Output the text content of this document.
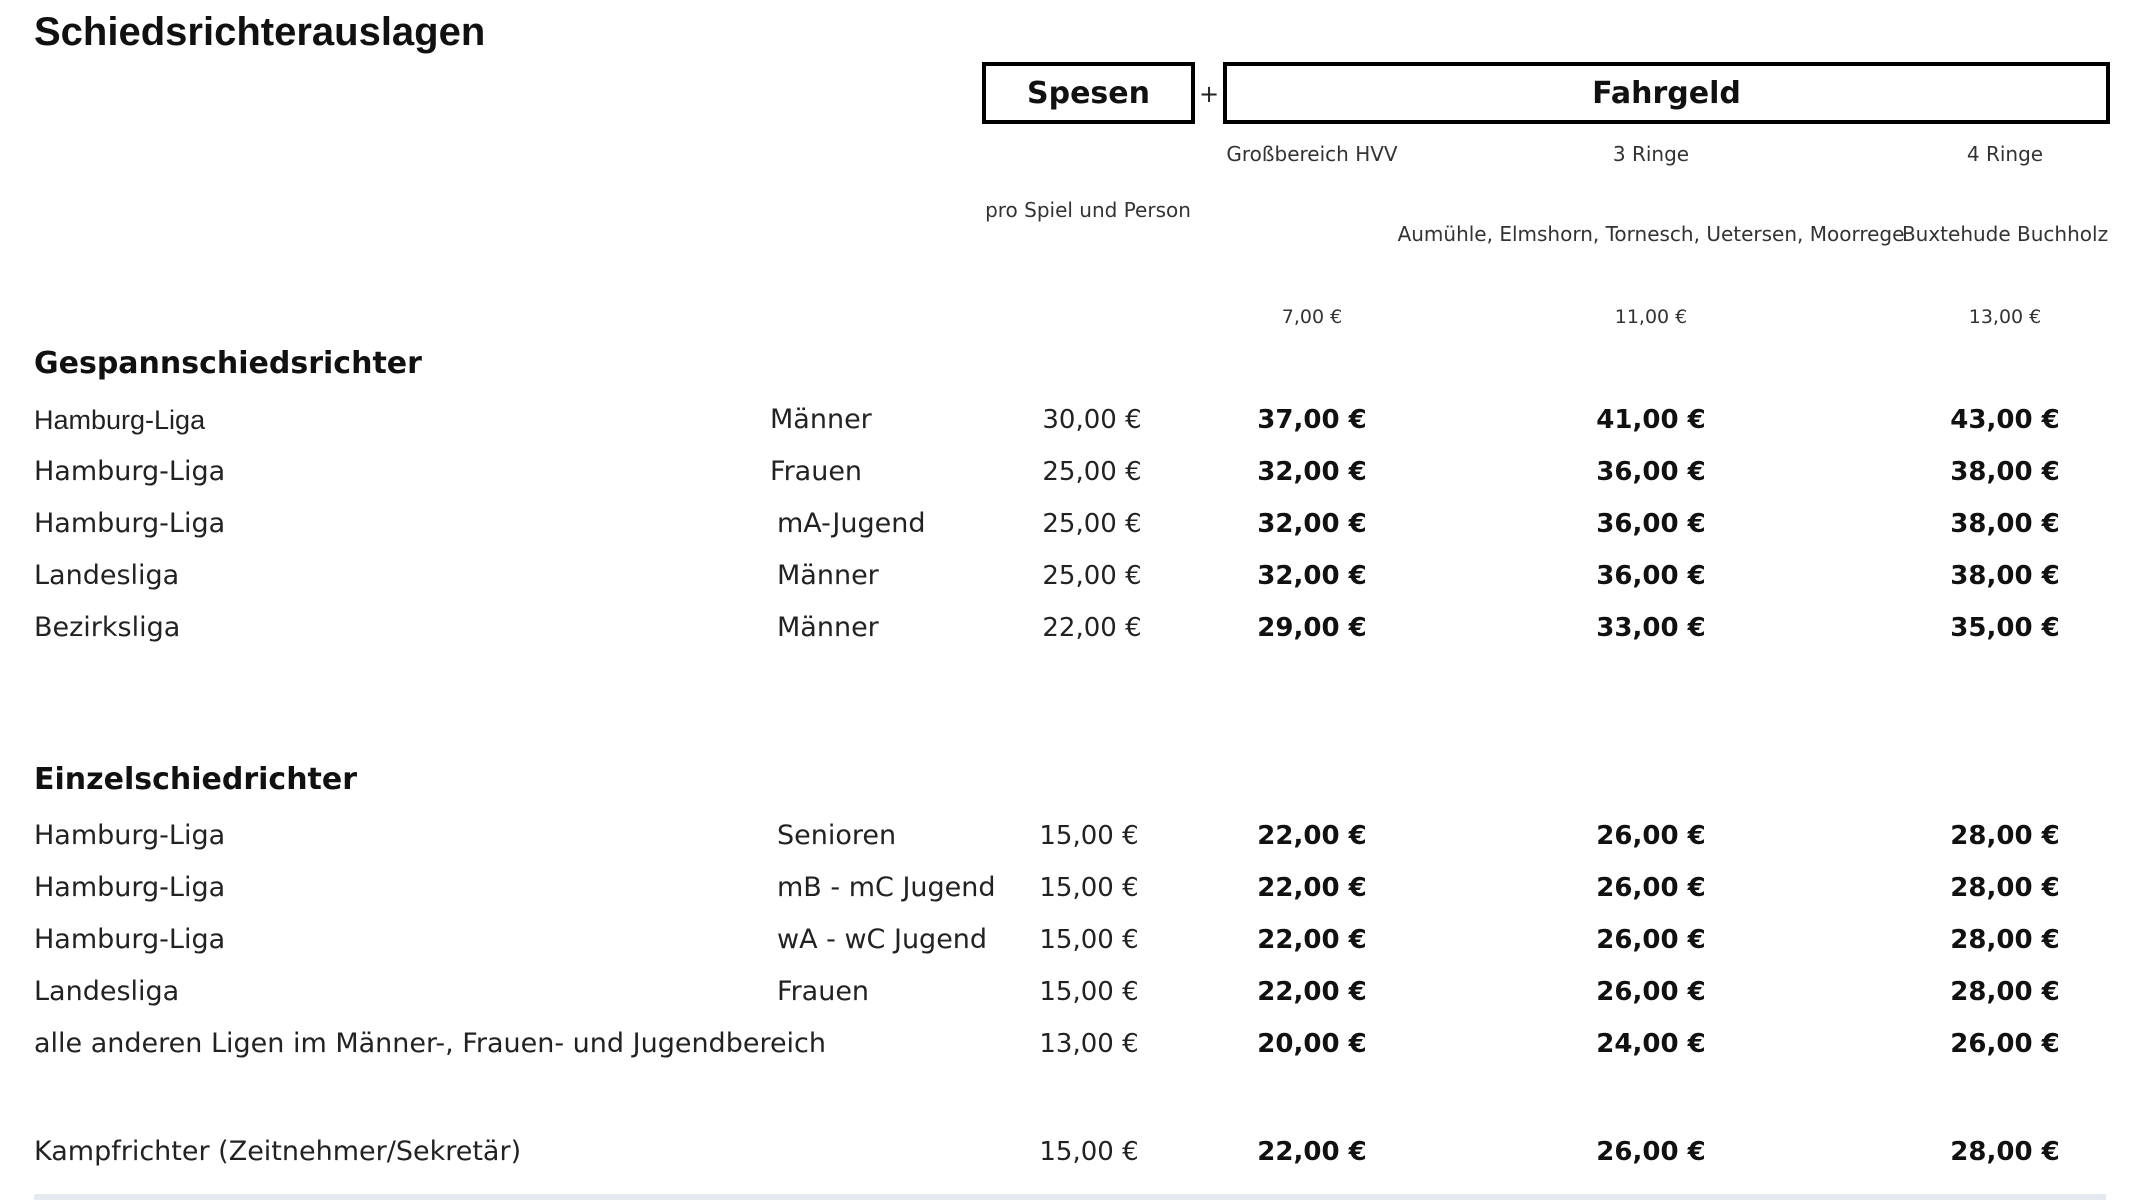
Schiedsrichterauslagen
Spesen +	Fahrgeld
Großbereich HVV	3 Ringe	4 Ringe
pro Spiel und Person
Aumühle, Elmshorn, Tornesch, Uetersen, Moorrege
Buxtehude Buchholz
7,00 €	11,00 €	13,00 €
Gespannschiedsrichter
Hamburg-Liga	Männer	30,00 €	37,00 €	41,00 €	43,00 €
Hamburg-Liga	Frauen	25,00 €	32,00 €	36,00 €	38,00 €
Hamburg-Liga	mA-Jugend	25,00 €	32,00 €	36,00 €	38,00 €
Landesliga	Männer	25,00 €	32,00 €	36,00 €	38,00 €
Bezirksliga	Männer	22,00 €	29,00 €	33,00 €	35,00 €
Einzelschiedrichter
Hamburg-Liga	Senioren	15,00 €	22,00 €	26,00 €	28,00 €
Hamburg-Liga	mB - mC Jugend 15,00 €	22,00 €	26,00 €	28,00 €
Hamburg-Liga	wA - wC Jugend 15,00 €	22,00 €	26,00 €	28,00 €
Landesliga	Frauen	15,00 €	22,00 €	26,00 €	28,00 €
alle anderen Ligen im Männer-, Frauen- und Jugendbereich	13,00 €	20,00 €	24,00 €	26,00 €
Kampfrichter (Zeitnehmer/Sekretär)	15,00 €	22,00 €	26,00 €	28,00 €
